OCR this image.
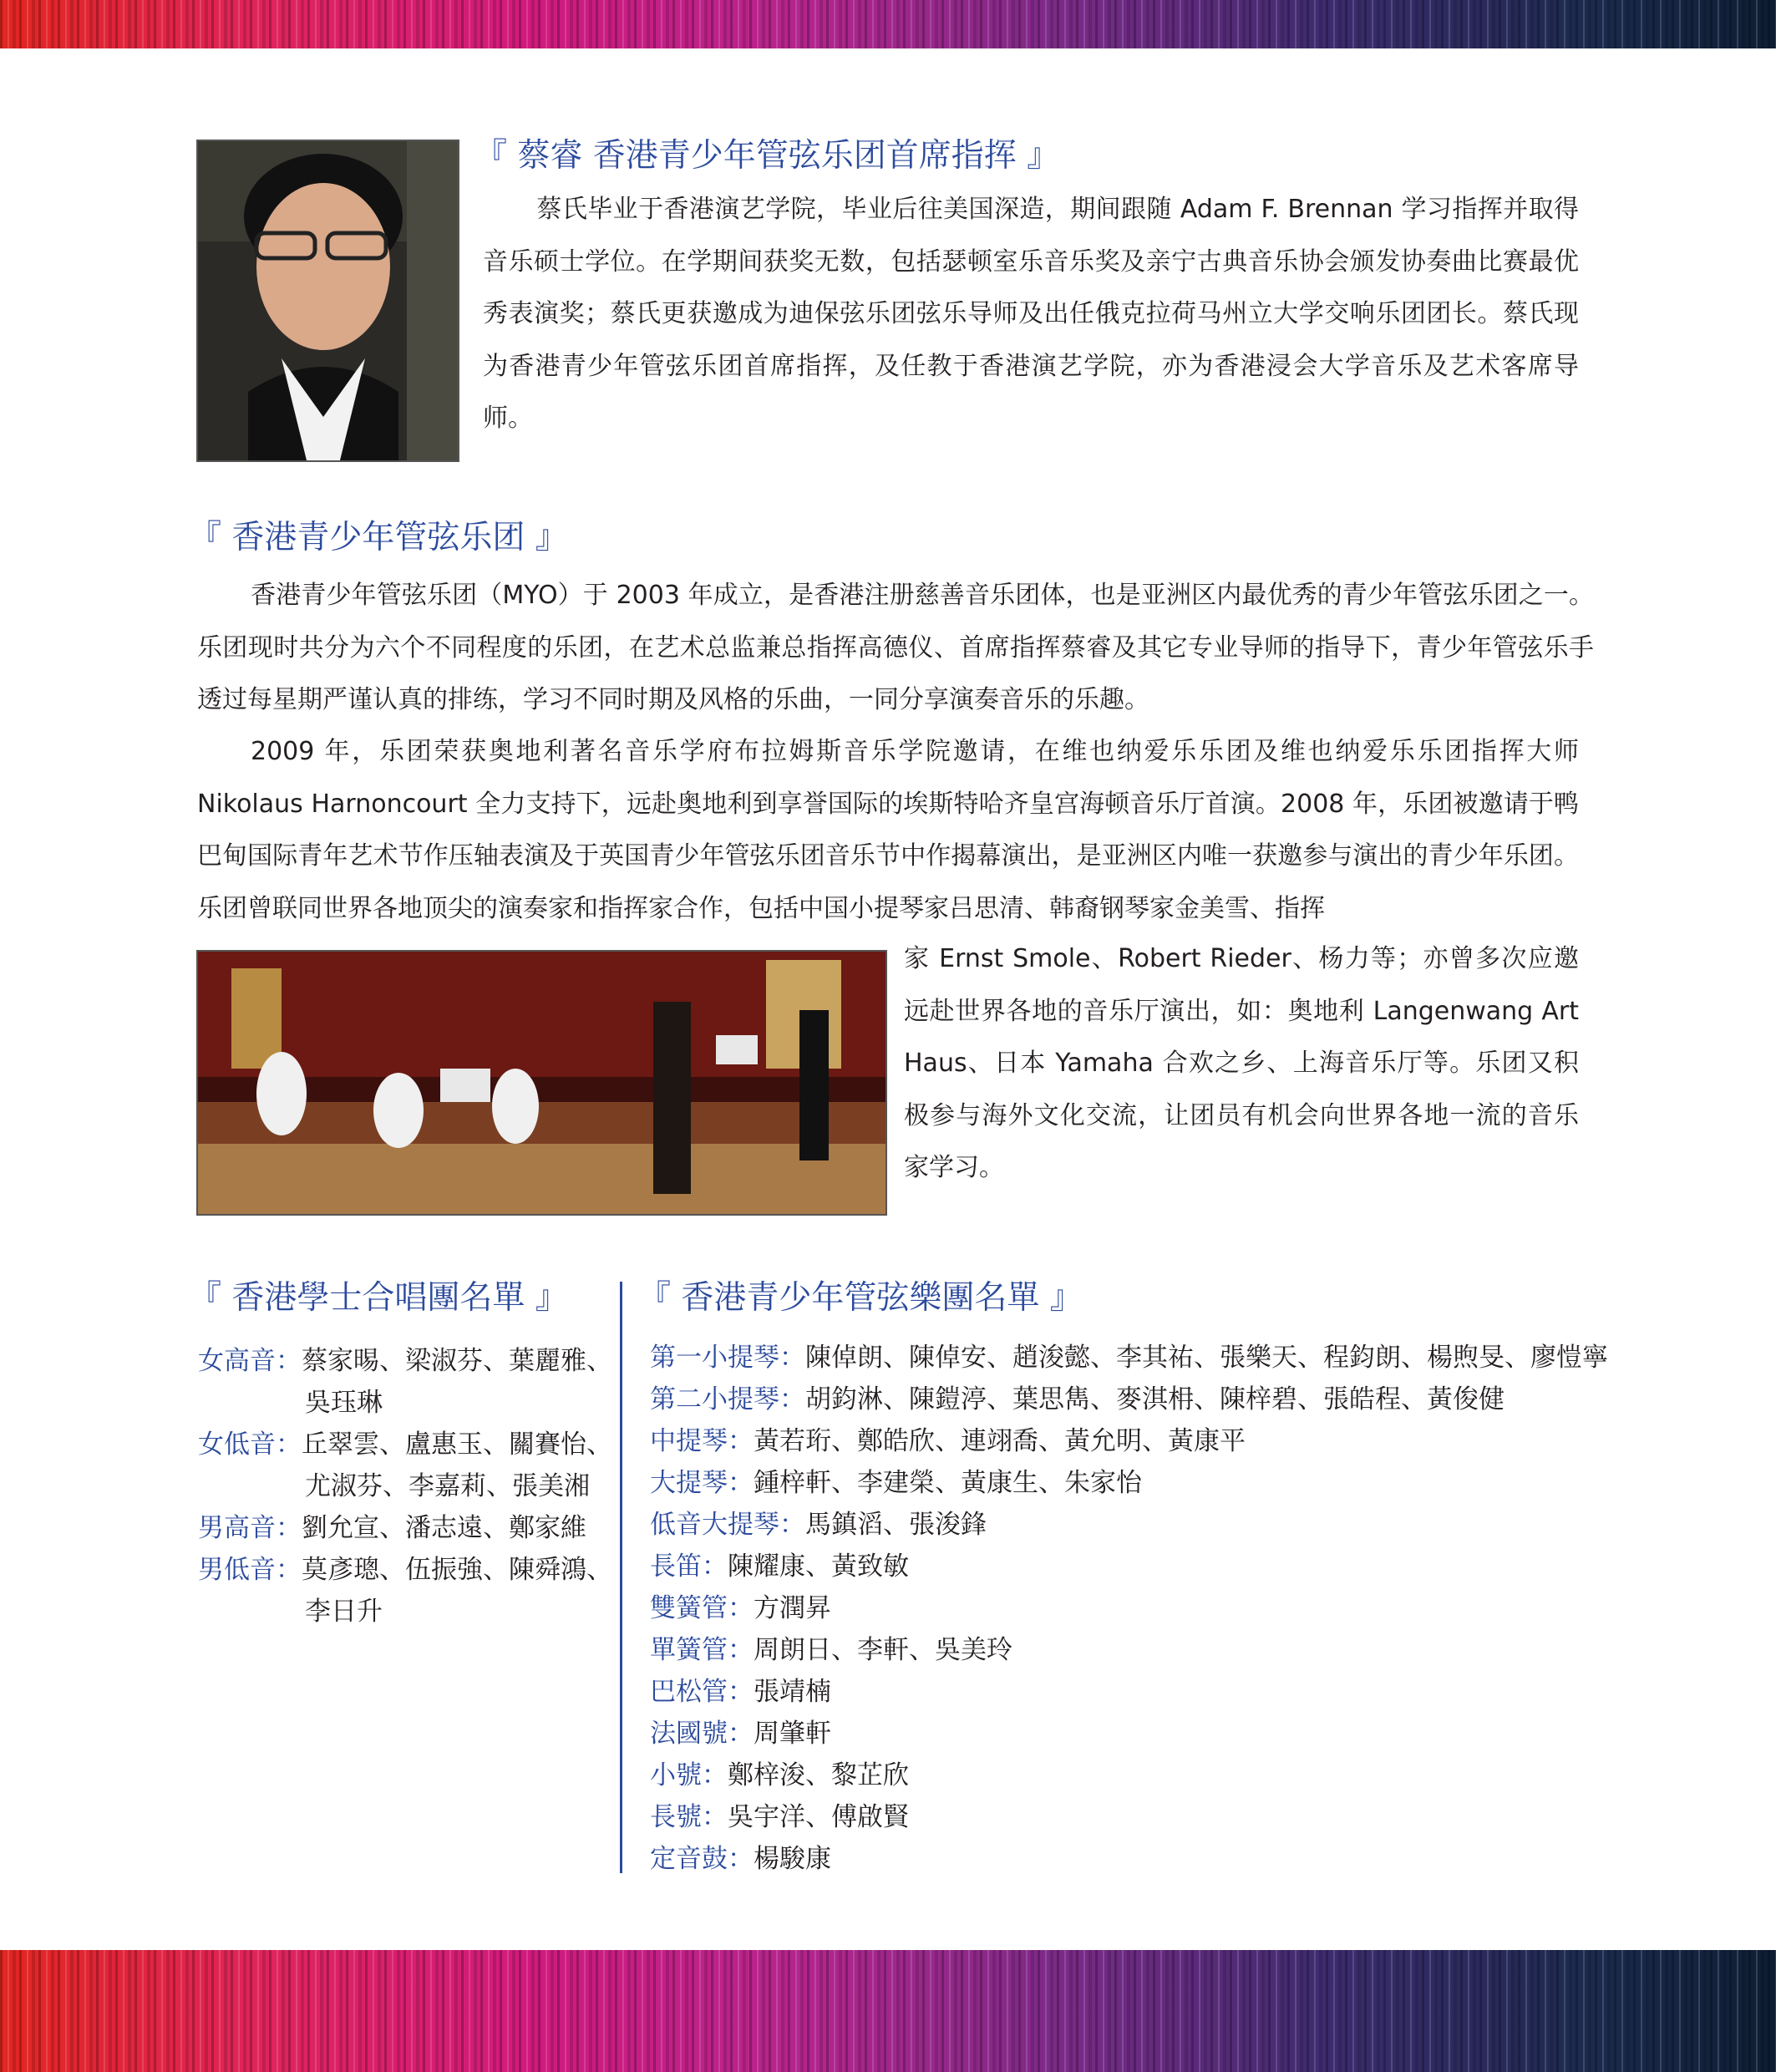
『 蔡睿 香港青少年管弦乐团首席指挥 』
蔡氏毕业于香港演艺学院，毕业后往美国深造，期间跟随 Adam F. Brennan 学习指挥并取得音乐硕士学位。在学期间获奖无数，包括瑟顿室乐音乐奖及亲宁古典音乐协会颁发协奏曲比赛最优秀表演奖；蔡氏更获邀成为迪保弦乐团弦乐导师及出任俄克拉荷马州立大学交响乐团团长。蔡氏现为香港青少年管弦乐团首席指挥，及任教于香港演艺学院，亦为香港浸会大学音乐及艺术客席导师。
『 香港青少年管弦乐团 』
香港青少年管弦乐团（MYO）于 2003 年成立，是香港注册慈善音乐团体，也是亚洲区内最优秀的青少年管弦乐团之一。乐团现时共分为六个不同程度的乐团，在艺术总监兼总指挥高德仪、首席指挥蔡睿及其它专业导师的指导下，青少年管弦乐手透过每星期严谨认真的排练，学习不同时期及风格的乐曲，一同分享演奏音乐的乐趣。
2009 年，乐团荣获奥地利著名音乐学府布拉姆斯音乐学院邀请，在维也纳爱乐乐团及维也纳爱乐乐团指挥大师 Nikolaus Harnoncourt 全力支持下，远赴奥地利到享誉国际的埃斯特哈齐皇宫海顿音乐厅首演。2008 年，乐团被邀请于鸭巴甸国际青年艺术节作压轴表演及于英国青少年管弦乐团音乐节中作揭幕演出，是亚洲区内唯一获邀参与演出的青少年乐团。乐团曾联同世界各地顶尖的演奏家和指挥家合作，包括中国小提琴家吕思清、韩裔钢琴家金美雪、指挥
家 Ernst Smole、Robert Rieder、杨力等；亦曾多次应邀远赴世界各地的音乐厅演出，如：奥地利 Langenwang Art Haus、日本 Yamaha 合欢之乡、上海音乐厅等。乐团又积极参与海外文化交流，让团员有机会向世界各地一流的音乐家学习。
『 香港學士合唱團名單 』
女高音：蔡家晹、梁淑芬、葉麗雅、
吳珏琳
女低音：丘翠雲、盧惠玉、關賽怡、
尤淑芬、李嘉莉、張美湘
男高音：劉允宣、潘志遠、鄭家維
男低音：莫彥璁、伍振強、陳舜鴻、
李日升
『 香港青少年管弦樂團名單 』
第一小提琴：陳倬朗、陳倬安、趙浚懿、李其祐、張樂天、程鈞朗、楊煦旻、廖愷寧
第二小提琴：胡鈞淋、陳鎧渟、葉思雋、麥淇枏、陳梓碧、張皓程、黃俊健
中提琴：黃若珩、鄭皓欣、連翊喬、黃允明、黃康平
大提琴：鍾梓軒、李建榮、黃康生、朱家怡
低音大提琴：馬鎮滔、張浚鋒
長笛：陳耀康、黃致敏
雙簧管：方潤昇
單簧管：周朗日、李軒、吳美玲
巴松管：張靖楠
法國號：周肇軒
小號：鄭梓浚、黎芷欣
長號：吳宇洋、傅啟賢
定音鼓：楊駿康
